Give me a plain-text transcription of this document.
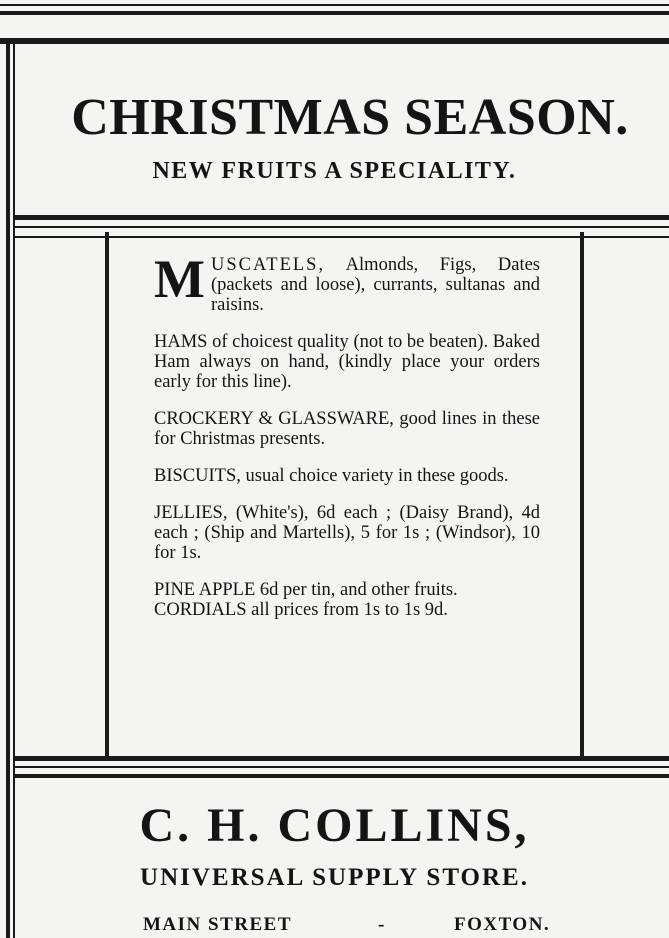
CHRISTMAS SEASON.
NEW FRUITS A SPECIALITY.

MUSCATELS, Almonds, Figs, Dates (packets and loose), currants, sultanas and raisins.

HAMS of choicest quality (not to be beaten). Baked Ham always on hand, (kindly place your orders early for this line).

CROCKERY & GLASSWARE, good lines in these for Christmas presents.

BISCUITS, usual choice variety in these goods.

JELLIES, (White's), 6d each ; (Daisy Brand), 4d each ; (Ship and Martells), 5 for 1s ; (Windsor), 10 for 1s.

PINE APPLE 6d per tin, and other fruits.

CORDIALS all prices from 1s to 1s 9d.

C. H. COLLINS,
UNIVERSAL SUPPLY STORE.
MAIN STREET	-	FOXTON.
